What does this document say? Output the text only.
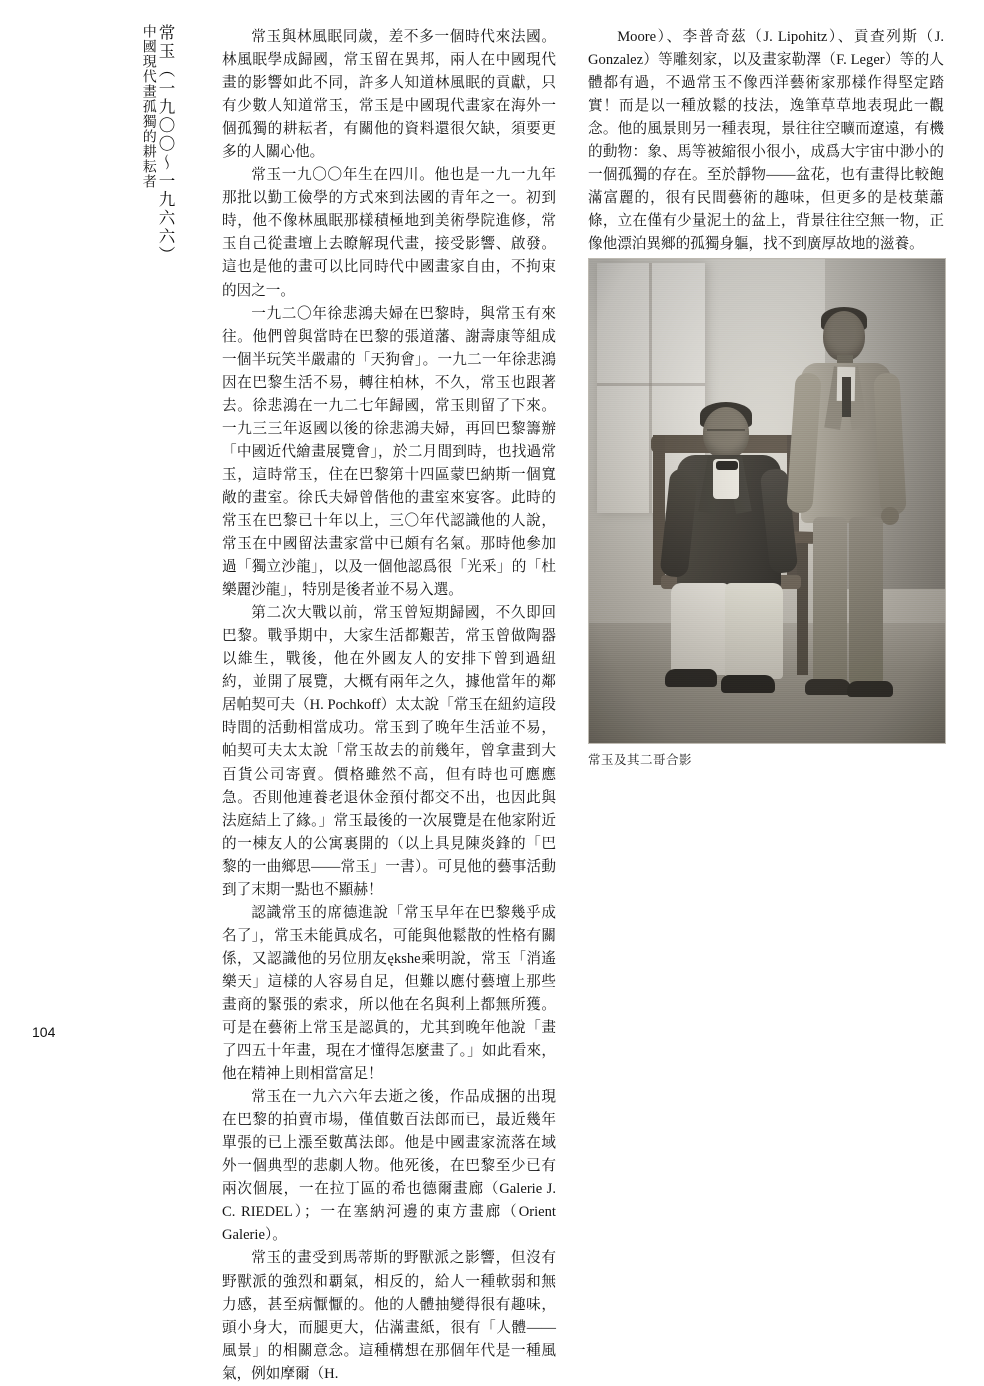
常玉（一九〇〇～一九六六）
中國現代畫孤獨的耕耘者	常玉與林風眠同歲，差不多一個時代來法國。林風眠學成歸國，常玉留在異邦，兩人在中國現代畫的影響如此不同，許多人知道林風眠的貢獻，只有少數人知道常玉，常玉是中國現代畫家在海外一個孤獨的耕耘者，有關他的資料還很欠缺，須要更多的人關心他。

常玉一九〇〇年生在四川。他也是一九一九年那批以勤工儉學的方式來到法國的青年之一。初到時，他不像林風眠那樣積極地到美術學院進修，常玉自己從畫壇上去瞭解現代畫，接受影響、啟發。這也是他的畫可以比同時代中國畫家自由，不拘束的因之一。

一九二〇年徐悲鴻夫婦在巴黎時，與常玉有來往。他們曾與當時在巴黎的張道藩、謝壽康等組成一個半玩笑半嚴肅的「天狗會」。一九二一年徐悲鴻因在巴黎生活不易，轉往柏林，不久，常玉也跟著去。徐悲鴻在一九二七年歸國，常玉則留了下來。一九三三年返國以後的徐悲鴻夫婦，再回巴黎籌辦「中國近代繪畫展覽會」，於二月間到時，也找過常玉，這時常玉，住在巴黎第十四區蒙巴納斯一個寬敞的畫室。徐氏夫婦曾偕他的畫室來宴客。此時的常玉在巴黎已十年以上，三〇年代認識他的人說，常玉在中國留法畫家當中已頗有名氣。那時他參加過「獨立沙龍」，以及一個他認爲很「光釆」的「杜樂麗沙龍」，特別是後者並不易入選。

第二次大戰以前，常玉曾短期歸國，不久即回巴黎。戰爭期中，大家生活都艱苦，常玉曾做陶器以維生，戰後，他在外國友人的安排下曾到過紐約，並開了展覽，大概有兩年之久，據他當年的鄰居帕契可夫（H. Pochkoff）太太說「常玉在紐約這段時間的活動相當成功。常玉到了晚年生活並不易，帕契可夫太太說「常玉故去的前幾年，曾拿畫到大百貨公司寄賣。價格雖然不高，但有時也可應應急。否則他連養老退休金預付都交不出，也因此與法庭結上了緣。」常玉最後的一次展覽是在他家附近的一棟友人的公寓裏開的（以上具見陳炎鋒的「巴黎的一曲鄉思——常玉」一書）。可見他的藝事活動到了末期一點也不顯赫！

認識常玉的席德進說「常玉早年在巴黎幾乎成名了」，常玉未能眞成名，可能與他鬆散的性格有關係，又認識他的另位朋友ękshe乘明說，常玉「消遙樂天」這樣的人容易自足，但難以應付藝壇上那些畫商的緊張的索求，所以他在名與利上都無所獲。可是在藝術上常玉是認眞的，尤其到晚年他說「畫了四五十年畫，現在才懂得怎麼畫了。」如此看來，他在精神上則相當富足！

常玉在一九六六年去逝之後，作品成捆的出現在巴黎的拍賣市場，僅值數百法郎而已，最近幾年單張的已上漲至數萬法郎。他是中國畫家流落在域外一個典型的悲劇人物。他死後，在巴黎至少已有兩次個展，一在拉丁區的希也德爾畫廊（Galerie J. C. RIEDEL）；一在塞納河邊的東方畫廊（Orient Galerie）。

常玉的畫受到馬蒂斯的野獸派之影響，但沒有野獸派的強烈和覇氣，相反的，給人一種軟弱和無力感，甚至病懨懨的。他的人體抽變得很有趣味，頭小身大，而腿更大，佔滿畫紙，很有「人體——風景」的相關意念。這種構想在那個年代是一種風氣，例如摩爾（H.

Moore）、李普奇茲（J. Lipohitz）、貢查列斯（J. Gonzalez）等雕刻家，以及畫家勒澤（F. Leger）等的人體都有過，不過常玉不像西洋藝術家那樣作得堅定踏實！而是以一種放鬆的技法，逸筆草草地表現此一觀念。他的風景則另一種表現，景往往空曠而遼遠，有機的動物：象、馬等被縮很小很小，成爲大宇宙中渺小的一個孤獨的存在。至於靜物——盆花，也有畫得比較飽滿富麗的，很有民間藝術的趣味，但更多的是枝葉蕭條，立在僅有少量泥土的盆上，背景往往空無一物，正像他漂泊異鄉的孤獨身軀，找不到廣厚故地的滋養。

常玉及其二哥合影
104
